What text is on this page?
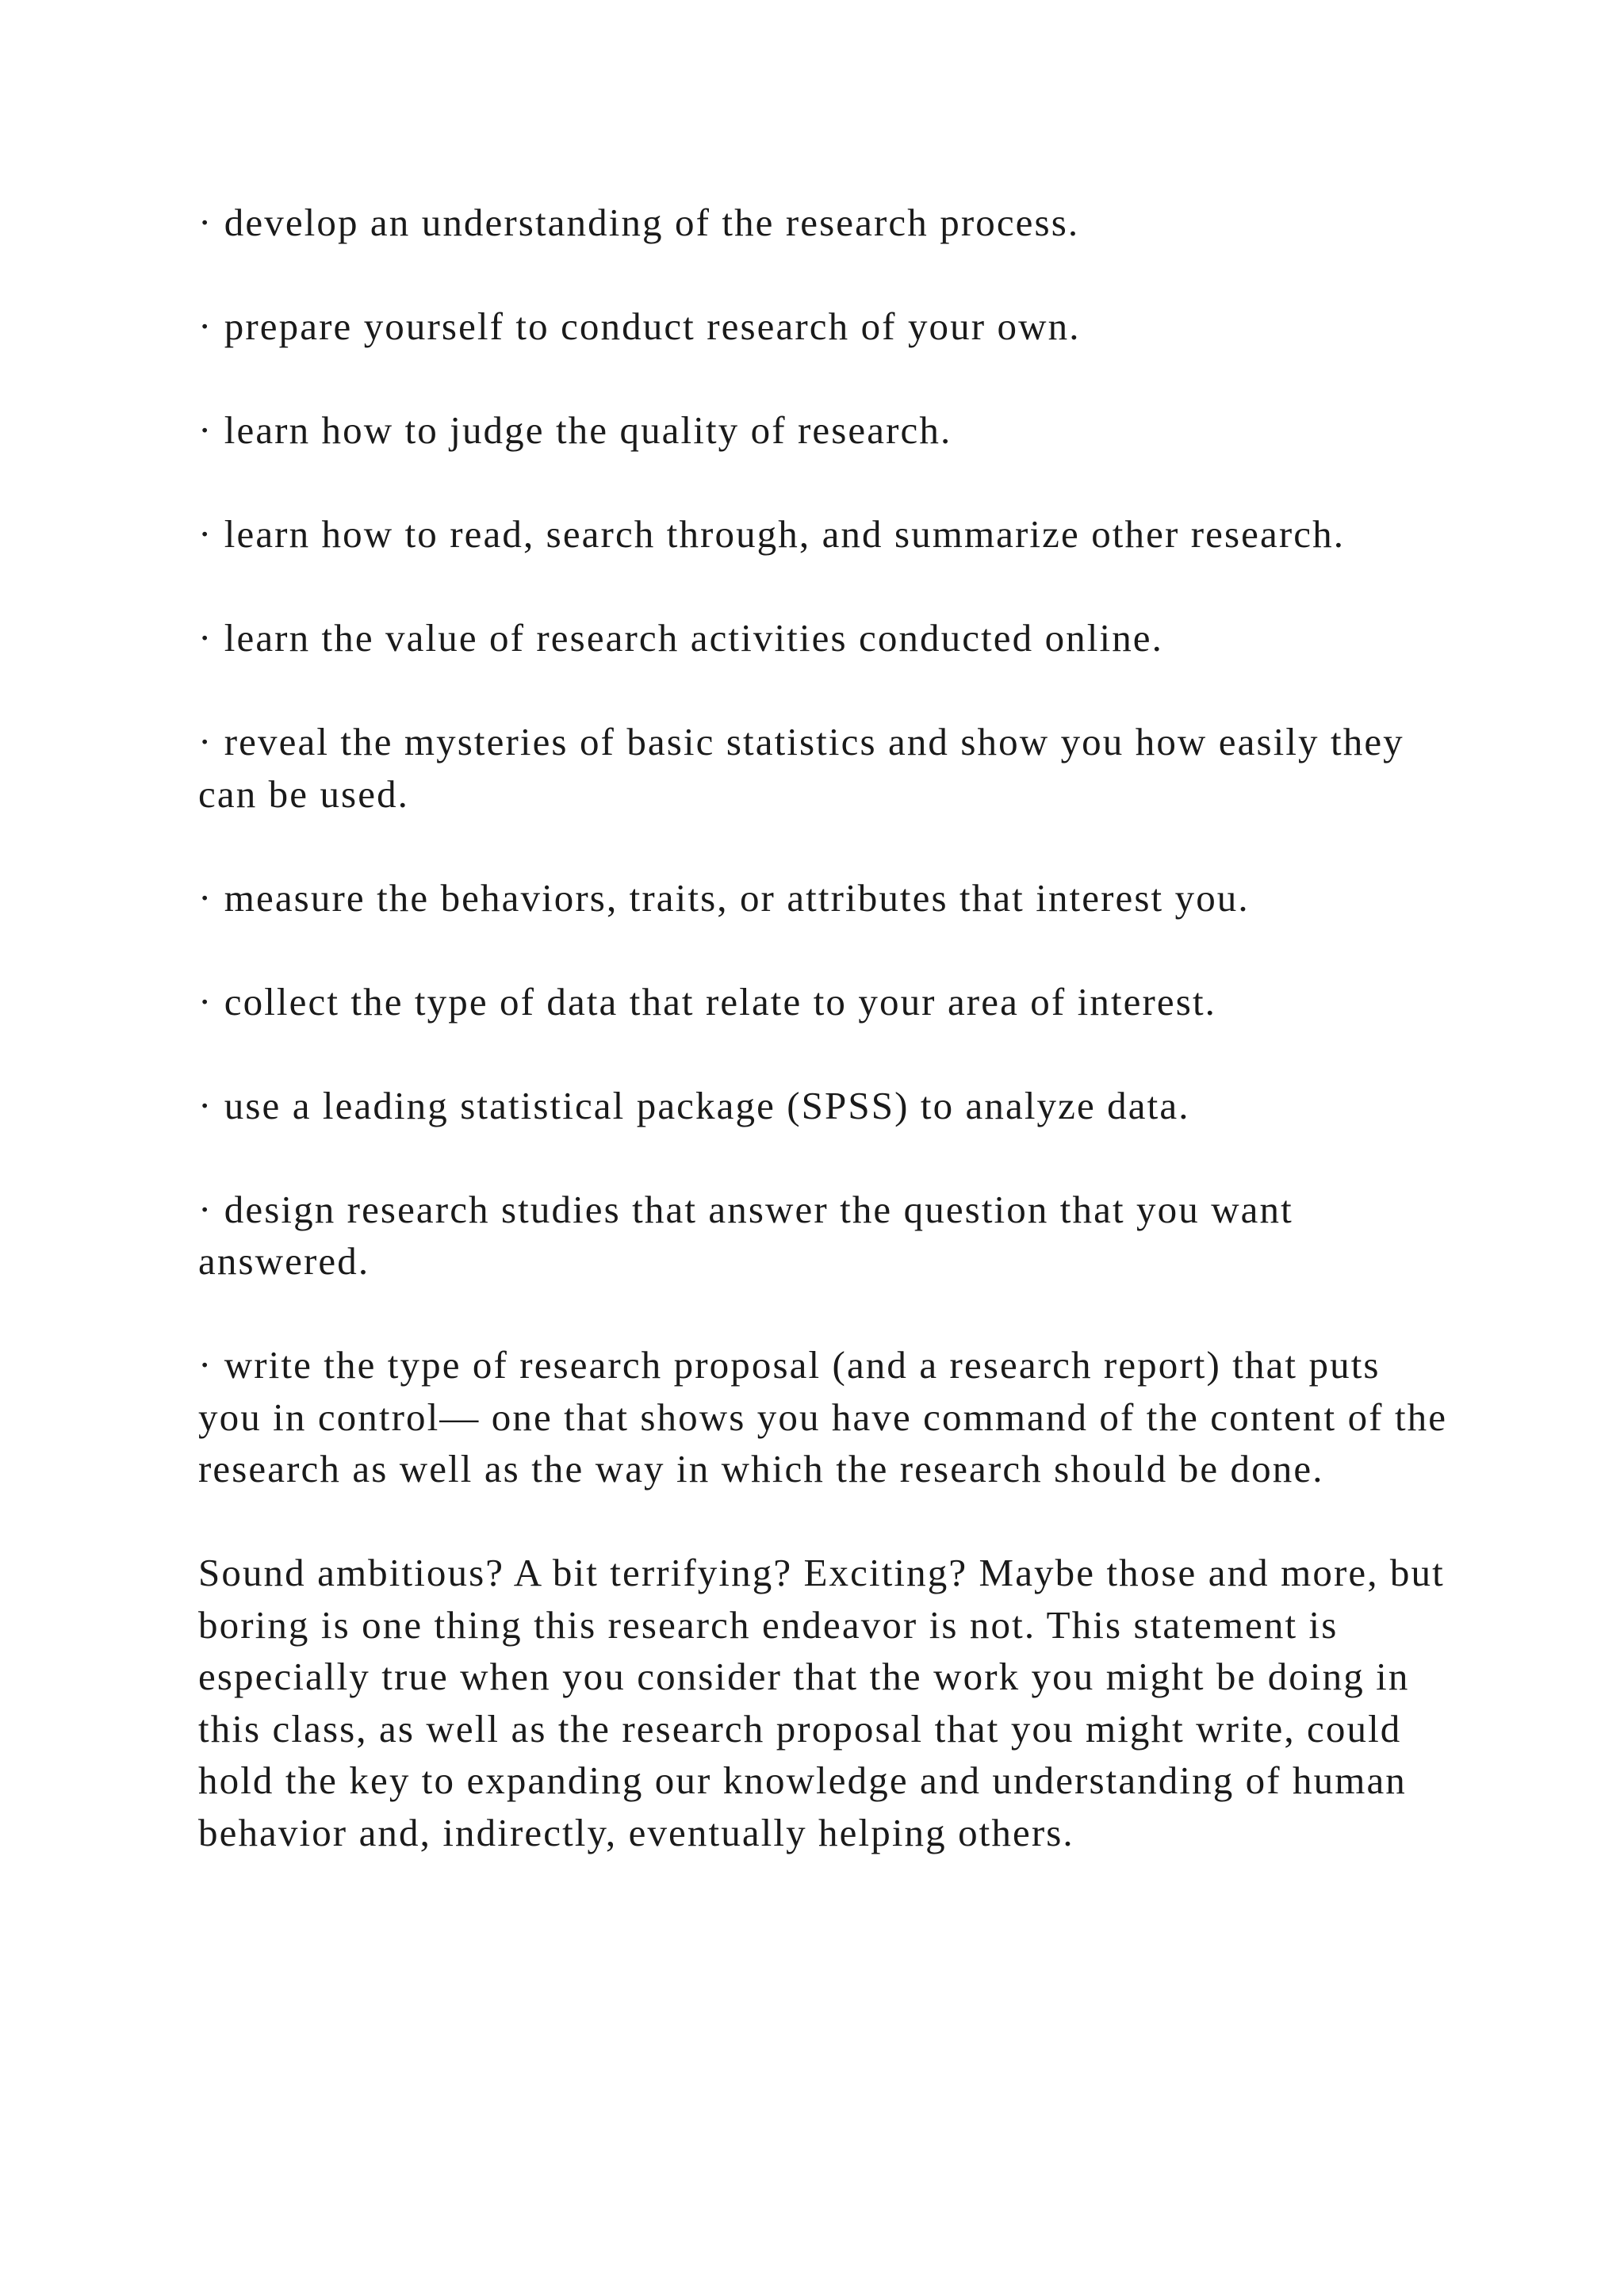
· develop an understanding of the research process.

· prepare yourself to conduct research of your own.

· learn how to judge the quality of research.

· learn how to read, search through, and summarize other research.

· learn the value of research activities conducted online.

· reveal the mysteries of basic statistics and show you how easily they can be used.

· measure the behaviors, traits, or attributes that interest you.

· collect the type of data that relate to your area of interest.

· use a leading statistical package (SPSS) to analyze data.

· design research studies that answer the question that you want answered.

· write the type of research proposal (and a research report) that puts you in control— one that shows you have command of the content of the research as well as the way in which the research should be done.

Sound ambitious? A bit terrifying? Exciting? Maybe those and more, but boring is one thing this research endeavor is not. This statement is especially true when you consider that the work you might be doing in this class, as well as the research proposal that you might write, could hold the key to expanding our knowledge and understanding of human behavior and, indirectly, eventually helping others.
